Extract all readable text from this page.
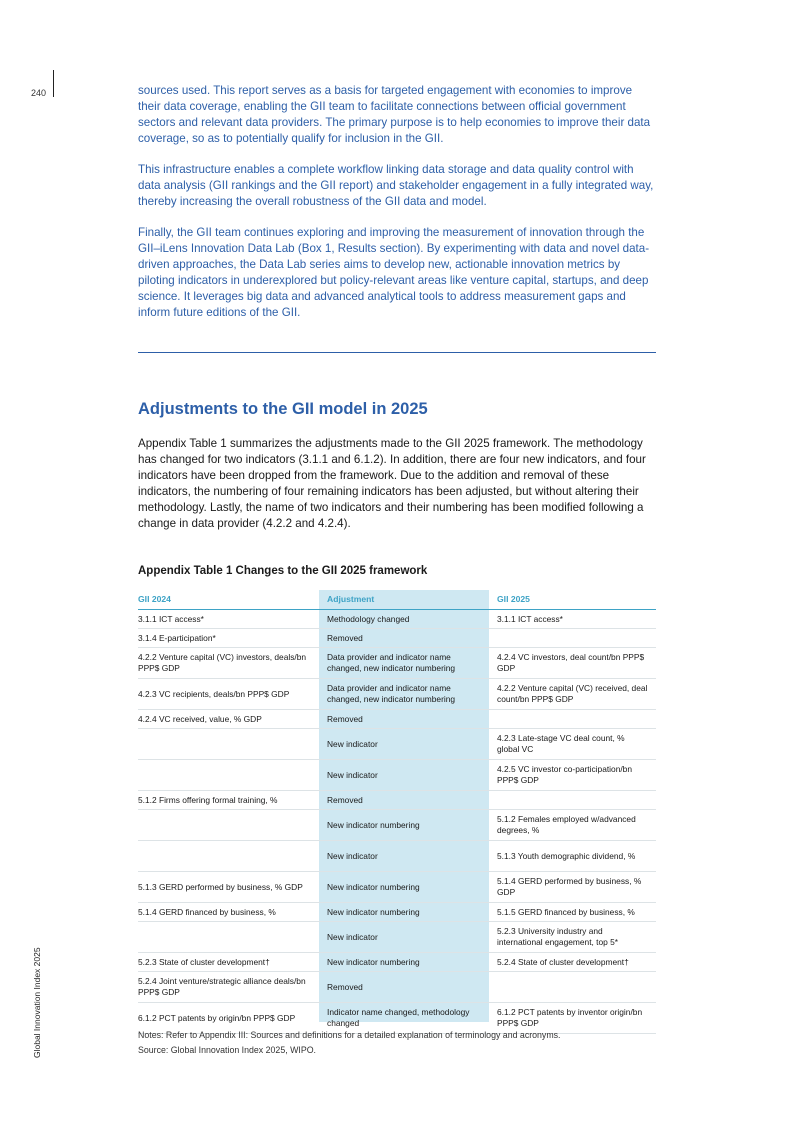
240
Global Innovation Index 2025

sources used. This report serves as a basis for targeted engagement with economies to improve their data coverage, enabling the GII team to facilitate connections between official government sectors and relevant data providers. The primary purpose is to help economies to improve their data coverage, so as to potentially qualify for inclusion in the GII.

This infrastructure enables a complete workflow linking data storage and data quality control with data analysis (GII rankings and the GII report) and stakeholder engagement in a fully integrated way, thereby increasing the overall robustness of the GII data and model.

Finally, the GII team continues exploring and improving the measurement of innovation through the GII–iLens Innovation Data Lab (Box 1, Results section). By experimenting with data and novel data-driven approaches, the Data Lab series aims to develop new, actionable innovation metrics by piloting indicators in underexplored but policy-relevant areas like venture capital, startups, and deep science. It leverages big data and advanced analytical tools to address measurement gaps and inform future editions of the GII.

Adjustments to the GII model in 2025

Appendix Table 1 summarizes the adjustments made to the GII 2025 framework. The methodology has changed for two indicators (3.1.1 and 6.1.2). In addition, there are four new indicators, and four indicators have been dropped from the framework. Due to the addition and removal of these indicators, the numbering of four remaining indicators has been adjusted, but without altering their methodology. Lastly, the name of two indicators and their numbering has been modified following a change in data provider (4.2.2 and 4.2.4).

Appendix Table 1 Changes to the GII 2025 framework
GII 2024	Adjustment	GII 2025
3.1.1 ICT access*	Methodology changed	3.1.1 ICT access*
3.1.4 E-participation*	Removed	
4.2.2 Venture capital (VC) investors, deals/bn PPP$ GDP	Data provider and indicator name changed, new indicator numbering	4.2.4 VC investors, deal count/bn PPP$ GDP
4.2.3 VC recipients, deals/bn PPP$ GDP	Data provider and indicator name changed, new indicator numbering	4.2.2 Venture capital (VC) received, deal count/bn PPP$ GDP
4.2.4 VC received, value, % GDP	Removed	
	New indicator	4.2.3 Late-stage VC deal count, % global VC
	New indicator	4.2.5 VC investor co-participation/bn PPP$ GDP
5.1.2 Firms offering formal training, %	Removed	
	New indicator numbering	5.1.2 Females employed w/advanced degrees, %
	New indicator	5.1.3 Youth demographic dividend, %
5.1.3 GERD performed by business, % GDP	New indicator numbering	5.1.4 GERD performed by business, % GDP
5.1.4 GERD financed by business, %	New indicator numbering	5.1.5 GERD financed by business, %
	New indicator	5.2.3 University industry and international engagement, top 5*
5.2.3 State of cluster development†	New indicator numbering	5.2.4 State of cluster development†
5.2.4 Joint venture/strategic alliance deals/bn PPP$ GDP	Removed	
6.1.2 PCT patents by origin/bn PPP$ GDP	Indicator name changed, methodology changed	6.1.2 PCT patents by inventor origin/bn PPP$ GDP
Notes: Refer to Appendix III: Sources and definitions for a detailed explanation of terminology and acronyms.
Source: Global Innovation Index 2025, WIPO.
